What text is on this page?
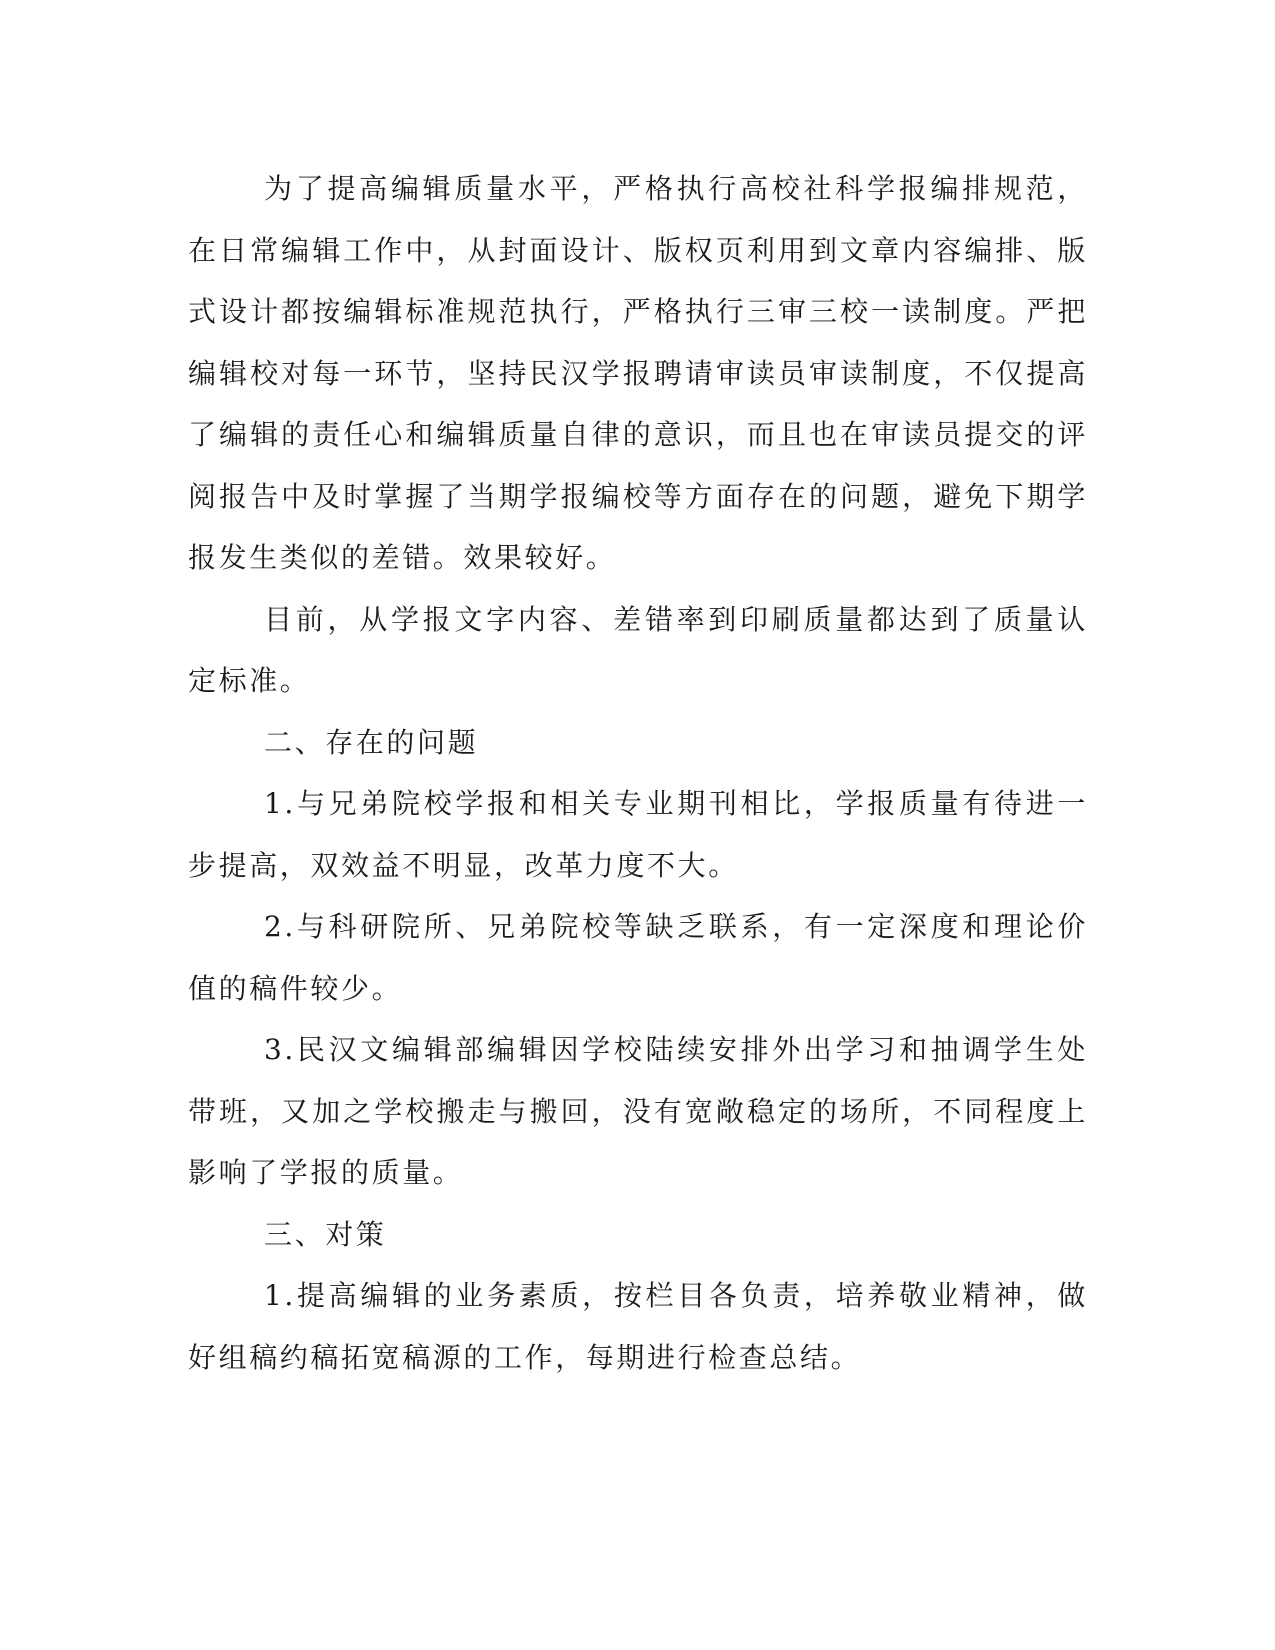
为了提高编辑质量水平，严格执行高校社科学报编排规范，在日常编辑工作中，从封面设计、版权页利用到文章内容编排、版式设计都按编辑标准规范执行，严格执行三审三校一读制度。严把编辑校对每一环节，坚持民汉学报聘请审读员审读制度，不仅提高了编辑的责任心和编辑质量自律的意识，而且也在审读员提交的评阅报告中及时掌握了当期学报编校等方面存在的问题，避免下期学报发生类似的差错。效果较好。

目前，从学报文字内容、差错率到印刷质量都达到了质量认定标准。

二、存在的问题

1.与兄弟院校学报和相关专业期刊相比，学报质量有待进一步提高，双效益不明显，改革力度不大。

2.与科研院所、兄弟院校等缺乏联系，有一定深度和理论价值的稿件较少。

3.民汉文编辑部编辑因学校陆续安排外出学习和抽调学生处带班，又加之学校搬走与搬回，没有宽敞稳定的场所，不同程度上影响了学报的质量。

三、对策

1.提高编辑的业务素质，按栏目各负责，培养敬业精神，做好组稿约稿拓宽稿源的工作，每期进行检查总结。
